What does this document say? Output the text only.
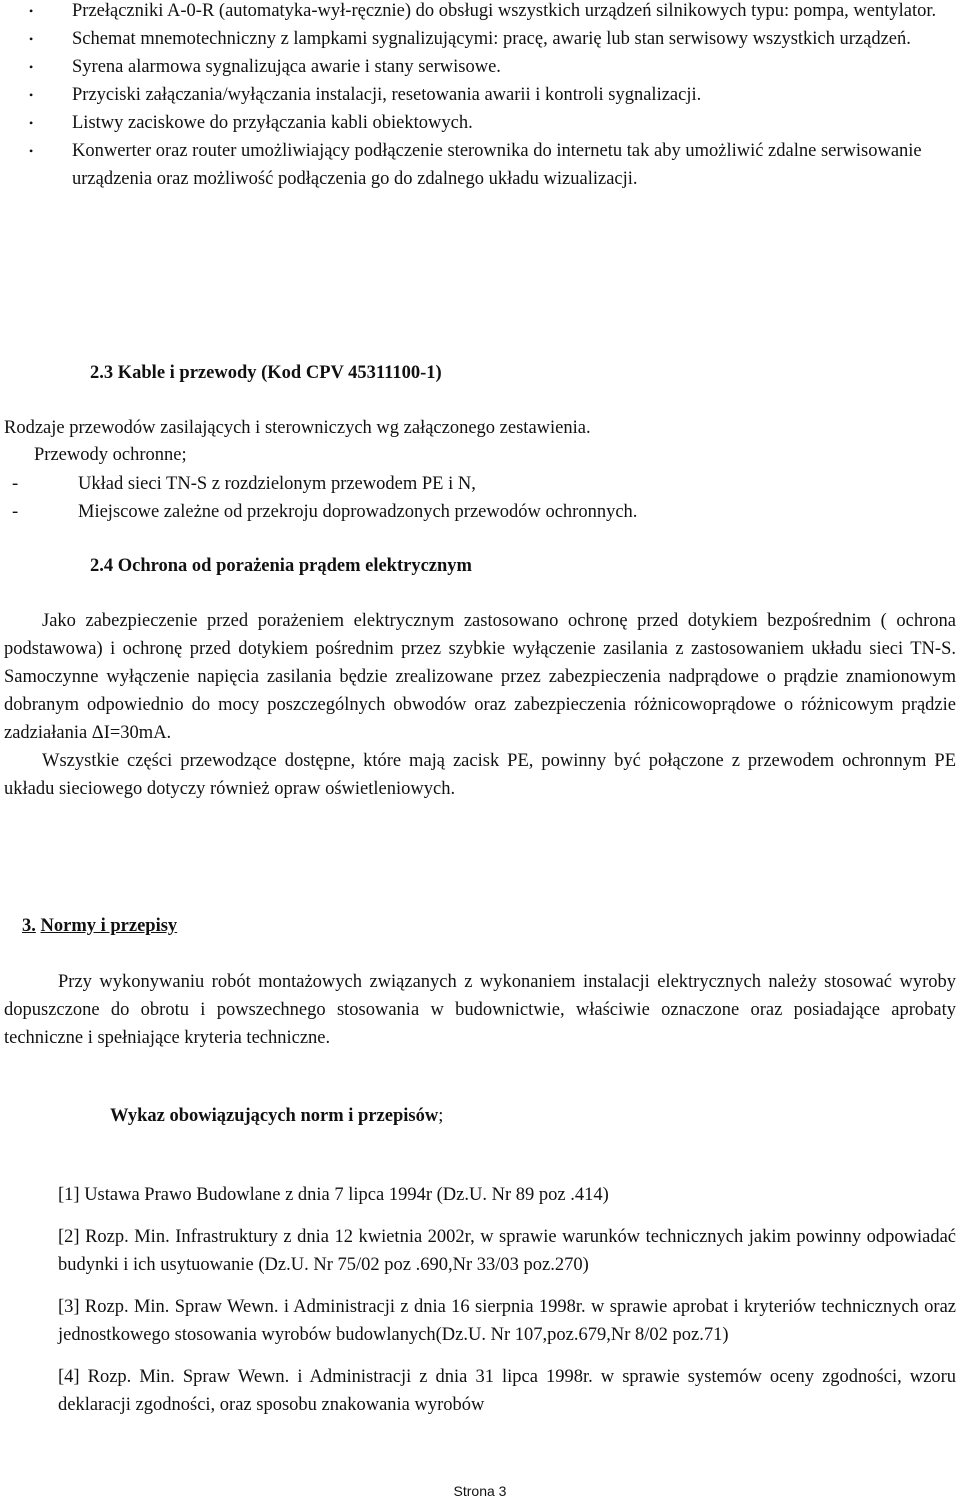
• Przełączniki A-0-R (automatyka-wył-ręcznie) do obsługi wszystkich urządzeń silnikowych typu: pompa, wentylator.
• Schemat mnemotechniczny z lampkami sygnalizującymi: pracę, awarię lub stan serwisowy wszystkich urządzeń.
• Syrena alarmowa sygnalizująca awarie i stany serwisowe.
• Przyciski załączania/wyłączania instalacji, resetowania awarii i kontroli sygnalizacji.
• Listwy zaciskowe do przyłączania kabli obiektowych.
• Konwerter oraz router umożliwiający podłączenie sterownika do internetu tak aby umożliwić zdalne serwisowanie urządzenia oraz możliwość podłączenia go do zdalnego układu wizualizacji.
2.3 Kable i przewody (Kod CPV 45311100-1)
Rodzaje przewodów zasilających i sterowniczych wg załączonego zestawienia.
Przewody ochronne;
-	Układ sieci TN-S z rozdzielonym przewodem PE i N,
-	Miejscowe zależne od przekroju doprowadzonych przewodów ochronnych.
2.4 Ochrona od porażenia prądem elektrycznym

Jako zabezpieczenie przed porażeniem elektrycznym zastosowano ochronę przed dotykiem bezpośrednim ( ochrona podstawowa) i ochronę przed dotykiem pośrednim przez szybkie wyłączenie zasilania z zastosowaniem układu sieci TN-S. Samoczynne wyłączenie napięcia zasilania będzie zrealizowane przez zabezpieczenia nadprądowe o prądzie znamionowym dobranym odpowiednio do mocy poszczególnych obwodów oraz zabezpieczenia różnicowoprądowe o różnicowym prądzie zadziałania ΔI=30mA.

Wszystkie części przewodzące dostępne, które mają zacisk PE, powinny być połączone z przewodem ochronnym PE układu sieciowego dotyczy również opraw oświetleniowych.

3. Normy i przepisy

Przy wykonywaniu robót montażowych związanych z wykonaniem instalacji elektrycznych należy stosować wyroby dopuszczone do obrotu i powszechnego stosowania w budownictwie, właściwie oznaczone oraz posiadające aprobaty techniczne i spełniające kryteria techniczne.

Wykaz obowiązujących norm i przepisów;
[1] Ustawa Prawo Budowlane z dnia 7 lipca 1994r (Dz.U. Nr 89 poz .414)
[2] Rozp. Min. Infrastruktury z dnia 12 kwietnia 2002r, w sprawie warunków technicznych jakim powinny odpowiadać budynki i ich usytuowanie (Dz.U. Nr 75/02 poz .690,Nr 33/03 poz.270)
[3] Rozp. Min. Spraw Wewn. i Administracji z dnia 16 sierpnia 1998r. w sprawie aprobat i kryteriów technicznych oraz jednostkowego stosowania wyrobów budowlanych(Dz.U. Nr 107,poz.679,Nr 8/02 poz.71)
[4] Rozp. Min. Spraw Wewn. i Administracji z dnia 31 lipca 1998r. w sprawie systemów oceny zgodności, wzoru deklaracji zgodności, oraz sposobu znakowania wyrobów
Strona 3
